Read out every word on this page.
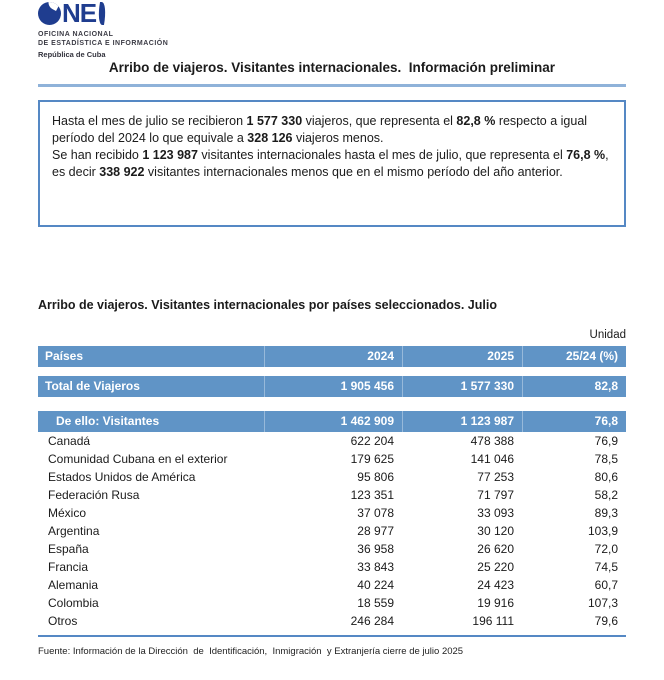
NE
OFICINA NACIONAL
DE ESTADÍSTICA E INFORMACIÓN
República de Cuba
Arribo de viajeros. Visitantes internacionales.  Información preliminar

Hasta el mes de julio se recibieron 1 577 330 viajeros, que representa el 82,8 % respecto a igual período del 2024 lo que equivale a 328 126 viajeros menos.

Se han recibido 1 123 987 visitantes internacionales hasta el mes de julio, que representa el 76,8 %, es decir 338 922 visitantes internacionales menos que en el mismo período del año anterior.

Arribo de viajeros. Visitantes internacionales por países seleccionados. Julio
Unidad
Países	2024	2025	25/24 (%)
Total de Viajeros	1 905 456	1 577 330	82,8
De ello: Visitantes	1 462 909	1 123 987	76,8
Canadá	622 204	478 388	76,9
Comunidad Cubana en el exterior	179 625	141 046	78,5
Estados Unidos de América	95 806	77 253	80,6
Federación Rusa	123 351	71 797	58,2
México	37 078	33 093	89,3
Argentina	28 977	30 120	103,9
España	36 958	26 620	72,0
Francia	33 843	25 220	74,5
Alemania	40 224	24 423	60,7
Colombia	18 559	19 916	107,3
Otros	246 284	196 111	79,6
Fuente: Información de la Dirección  de  Identificación,  Inmigración  y Extranjería cierre de julio 2025
